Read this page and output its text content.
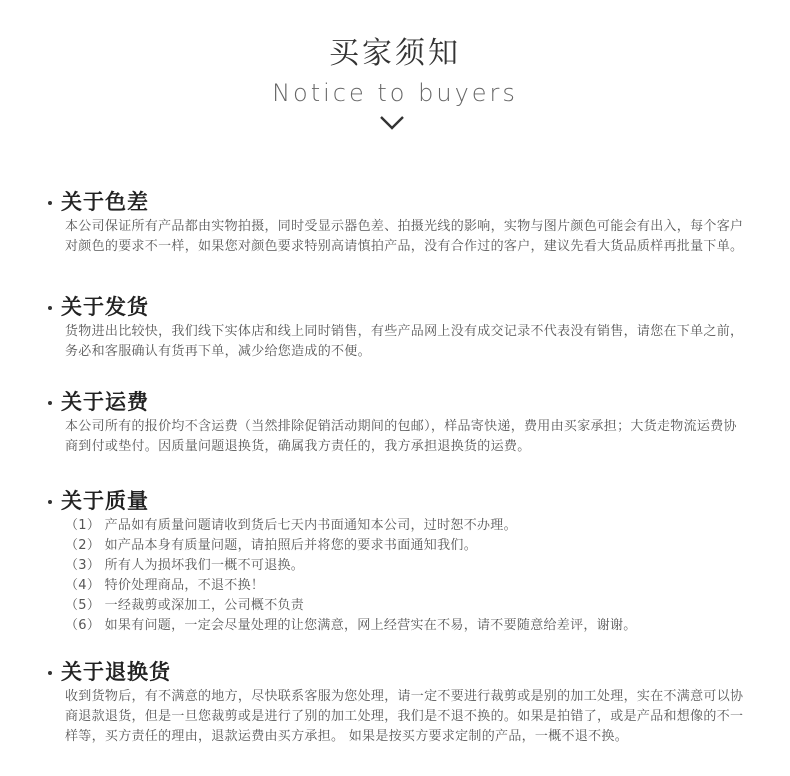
买家须知
Notice to buyers
关于色差
本公司保证所有产品都由实物拍摄，同时受显示器色差、拍摄光线的影响，实物与图片颜色可能会有出入，每个客户对颜色的要求不一样，如果您对颜色要求特别高请慎拍产品，没有合作过的客户，建议先看大货品质样再批量下单。
关于发货
货物进出比较快，我们线下实体店和线上同时销售，有些产品网上没有成交记录不代表没有销售，请您在下单之前，务必和客服确认有货再下单，减少给您造成的不便。
关于运费
本公司所有的报价均不含运费（当然排除促销活动期间的包邮），样品寄快递，费用由买家承担；大货走物流运费协商到付或垫付。因质量问题退换货，确属我方责任的，我方承担退换货的运费。
关于质量
（1） 产品如有质量问题请收到货后七天内书面通知本公司，过时恕不办理。
（2） 如产品本身有质量问题，请拍照后并将您的要求书面通知我们。
（3） 所有人为损坏我们一概不可退换。
（4） 特价处理商品，不退不换！
（5） 一经裁剪或深加工，公司概不负责
（6） 如果有问题，一定会尽量处理的让您满意，网上经营实在不易，请不要随意给差评，谢谢。
关于退换货
收到货物后，有不满意的地方，尽快联系客服为您处理，请一定不要进行裁剪或是别的加工处理，实在不满意可以协商退款退货，但是一旦您裁剪或是进行了别的加工处理，我们是不退不换的。如果是拍错了，或是产品和想像的不一样等，买方责任的理由，退款运费由买方承担。 如果是按买方要求定制的产品，一概不退不换。
